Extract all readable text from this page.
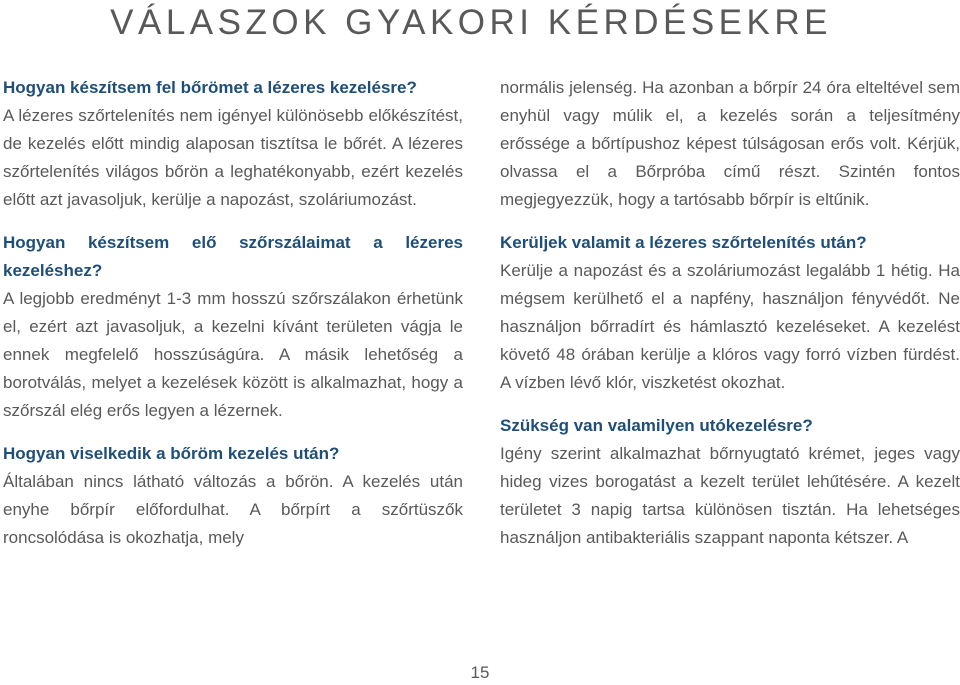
VÁLASZOK GYAKORI KÉRDÉSEKRE

Hogyan készítsem fel bőrömet a lézeres kezelésre?

A lézeres szőrtelenítés nem igényel különösebb előkészítést, de kezelés előtt mindig alaposan tisztítsa le bőrét. A lézeres szőrtelenítés világos bőrön a leghatékonyabb, ezért kezelés előtt azt javasoljuk, kerülje a napozást, szoláriumozást.

Hogyan készítsem elő szőrszálaimat a lézeres kezeléshez?

A legjobb eredményt 1-3 mm hosszú szőrszálakon érhetünk el, ezért azt javasoljuk, a kezelni kívánt területen vágja le ennek megfelelő hosszúságúra. A másik lehetőség a borotválás, melyet a kezelések között is alkalmazhat, hogy a szőrszál elég erős legyen a lézernek.

Hogyan viselkedik a bőröm kezelés után?

Általában nincs látható változás a bőrön. A kezelés után enyhe bőrpír előfordulhat. A bőrpírt a szőrtüszők roncsolódása is okozhatja, mely

normális jelenség. Ha azonban a bőrpír 24 óra elteltével sem enyhül vagy múlik el, a kezelés során a teljesítmény erőssége a bőrtípushoz képest túlságosan erős volt. Kérjük, olvassa el a Bőrpróba című részt. Szintén fontos megjegyezzük, hogy a tartósabb bőrpír is eltűnik.

Kerüljek valamit a lézeres szőrtelenítés után?

Kerülje a napozást és a szoláriumozást legalább 1 hétig. Ha mégsem kerülhető el a napfény, használjon fényvédőt. Ne használjon bőrradírt és hámlasztó kezeléseket. A kezelést követő 48 órában kerülje a klóros vagy forró vízben fürdést. A vízben lévő klór, viszketést okozhat.

Szükség van valamilyen utókezelésre?

Igény szerint alkalmazhat bőrnyugtató krémet, jeges vagy hideg vizes borogatást a kezelt terület lehűtésére. A kezelt területet 3 napig tartsa különösen tisztán. Ha lehetséges használjon antibakteriális szappant naponta kétszer. A

15
